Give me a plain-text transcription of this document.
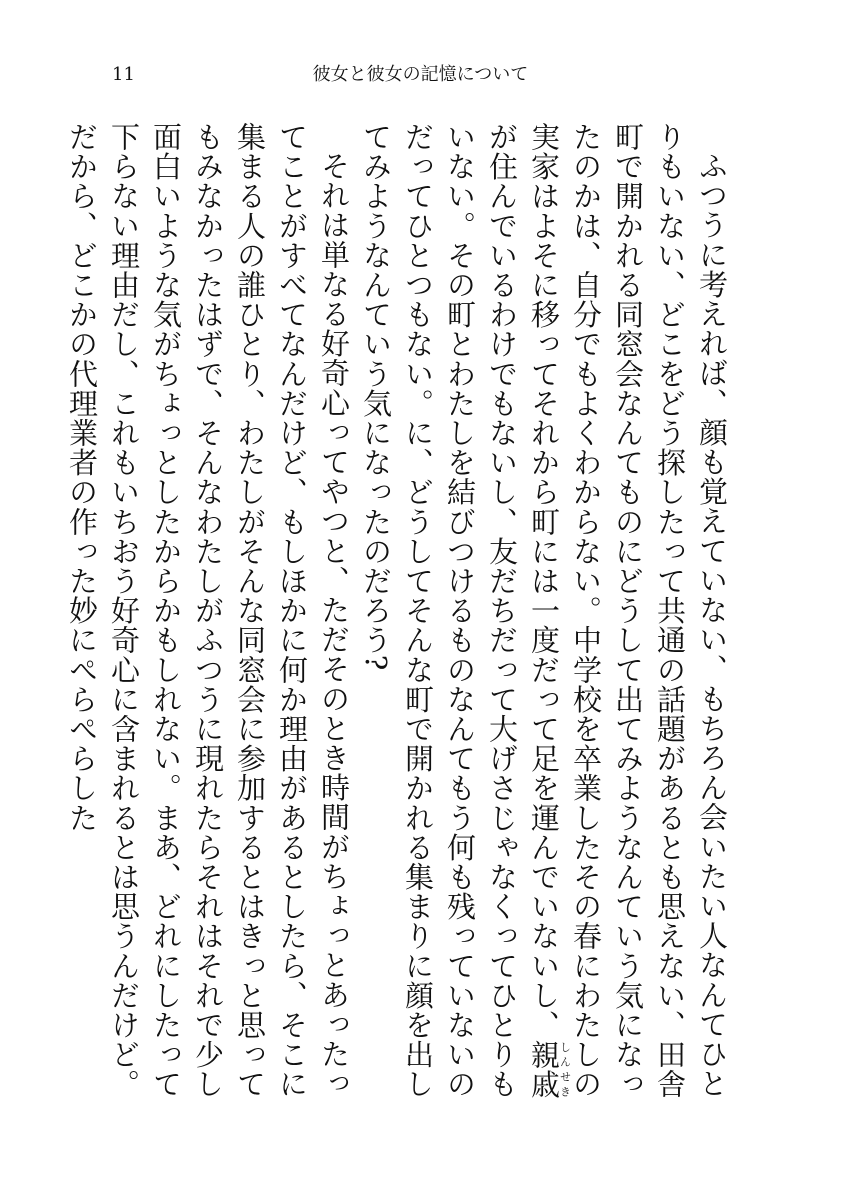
11	彼女と彼女の記憶について

ふつうに考えれば、顔も覚えていない、もちろん会いたい人なんてひとりもいない、どこをどう探したって共通の話題があるとも思えない、田舎町で開かれる同窓会なんてものにどうして出てみようなんていう気になったのかは、自分でもよくわからない。中学校を卒業したその春にわたしの実家はよそに移ってそれから町には一度だって足を運んでいないし、親戚しんせきが住んでいるわけでもないし、友だちだって大げさじゃなくってひとりもいない。その町とわたしを結びつけるものなんてもう何も残っていないのだってひとつもない。に、どうしてそんな町で開かれる集まりに顔を出してみようなんていう気になったのだろう?

それは単なる好奇心ってやつと、ただそのとき時間がちょっとあったってことがすべてなんだけど、もしほかに何か理由があるとしたら、そこに集まる人の誰ひとり、わたしがそんな同窓会に参加するとはきっと思ってもみなかったはずで、そんなわたしがふつうに現れたらそれはそれで少し面白いような気がちょっとしたからかもしれない。まあ、どれにしたって下らない理由だし、これもいちおう好奇心に含まれるとは思うんだけど。だから、どこかの代理業者の作った妙にぺらぺらした
